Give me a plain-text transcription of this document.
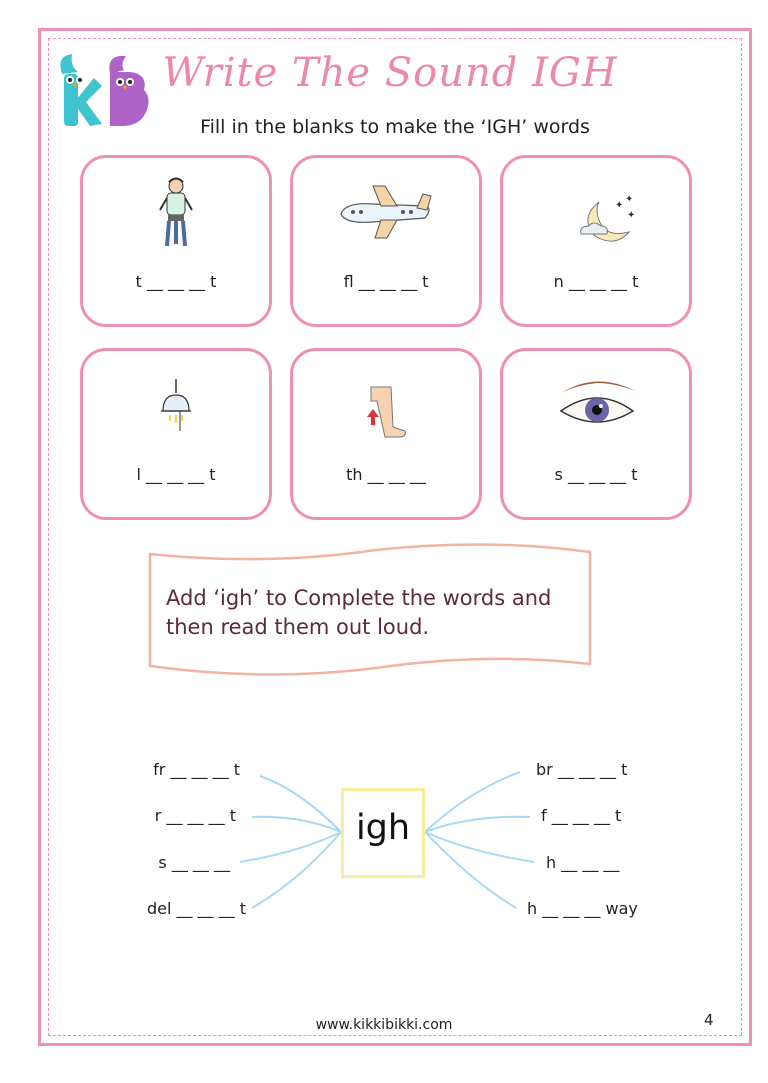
Write The Sound IGH
Fill in the blanks to make the ‘IGH’ words
t __ __ __ t	fl __ __ __ t
✦
✦
✦
n __ __ __ t
l __ __ __ t	th __ __ __	s __ __ __ t
Add ‘igh’ to Complete the words and then read them out loud.
igh
fr __ __ __ t
r __ __ __ t
s __ __ __
del __ __ __ t
br __ __ __ t
f __ __ __ t
h __ __ __
h __ __ __ way
www.kikkibikki.com	4
